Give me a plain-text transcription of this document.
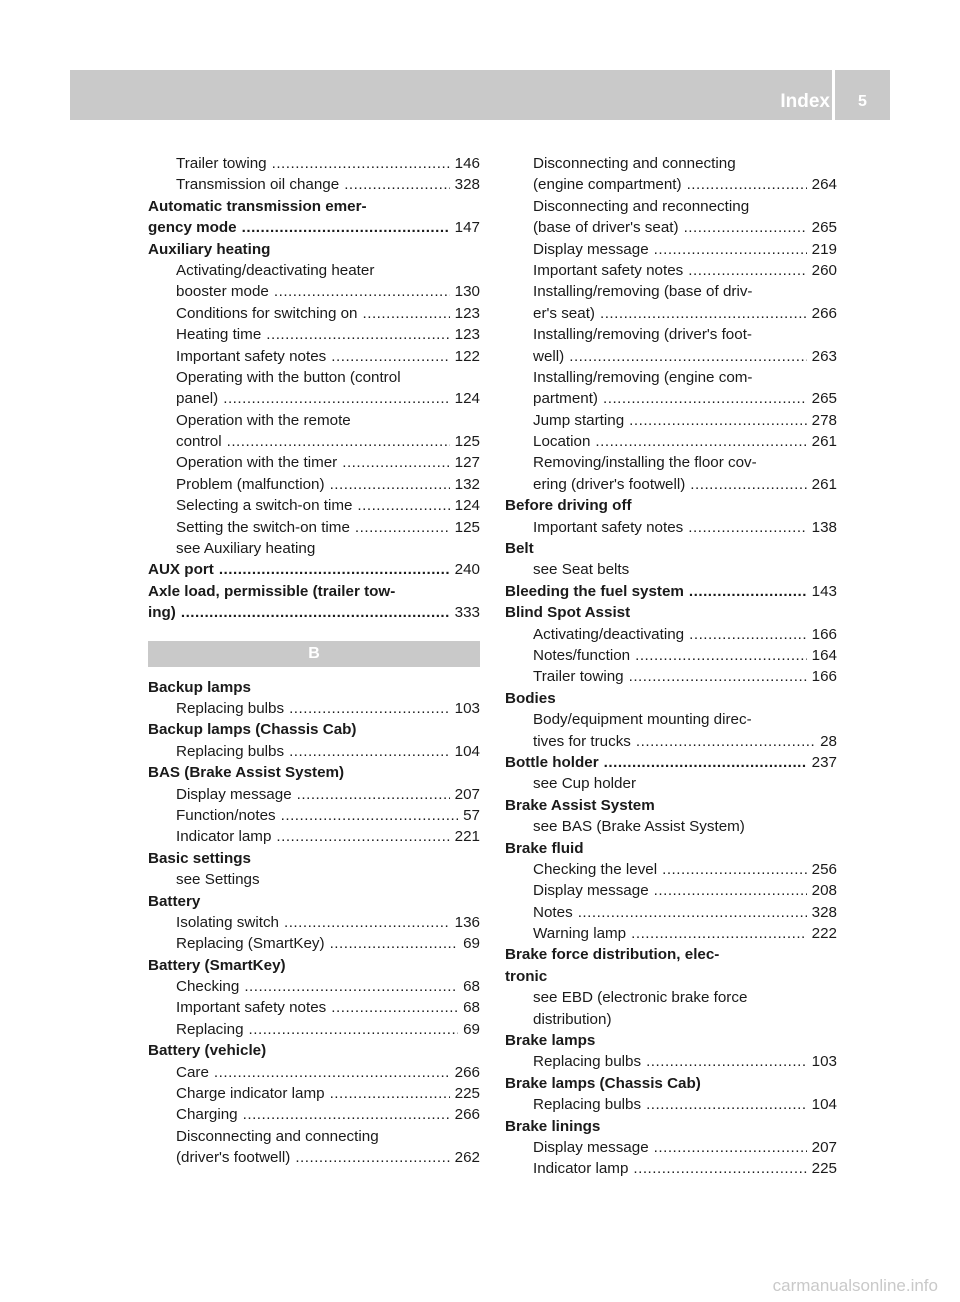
Index	5
Trailer towing .....	146
Transmission oil change .....	328
Automatic transmission emer-
gency mode .....	147
Auxiliary heating
Activating/deactivating heater
booster mode .....	130
Conditions for switching on .....	123
Heating time .....	123
Important safety notes .....	122
Operating with the button (control
panel) .....	124
Operation with the remote
control .....	125
Operation with the timer .....	127
Problem (malfunction) .....	132
Selecting a switch-on time .....	124
Setting the switch-on time .....	125
see Auxiliary heating
AUX port .....	240
Axle load, permissible (trailer tow-
ing) .....	333
B
Backup lamps
Replacing bulbs .....	103
Backup lamps (Chassis Cab)
Replacing bulbs .....	104
BAS (Brake Assist System)
Display message .....	207
Function/notes .....	57
Indicator lamp .....	221
Basic settings
see Settings
Battery
Isolating switch .....	136
Replacing (SmartKey) .....	69
Battery (SmartKey)
Checking .....	68
Important safety notes .....	68
Replacing .....	69
Battery (vehicle)
Care .....	266
Charge indicator lamp .....	225
Charging .....	266
Disconnecting and connecting
(driver's footwell) .....	262
Disconnecting and connecting
(engine compartment) .....	264
Disconnecting and reconnecting
(base of driver's seat) .....	265
Display message .....	219
Important safety notes .....	260
Installing/removing (base of driv-
er's seat) .....	266
Installing/removing (driver's foot-
well) .....	263
Installing/removing (engine com-
partment) .....	265
Jump starting .....	278
Location .....	261
Removing/installing the floor cov-
ering (driver's footwell) .....	261
Before driving off
Important safety notes .....	138
Belt
see Seat belts
Bleeding the fuel system .....	143
Blind Spot Assist
Activating/deactivating .....	166
Notes/function .....	164
Trailer towing .....	166
Bodies
Body/equipment mounting direc-
tives for trucks .....	28
Bottle holder .....	237
see Cup holder
Brake Assist System
see BAS (Brake Assist System)
Brake fluid
Checking the level .....	256
Display message .....	208
Notes .....	328
Warning lamp .....	222
Brake force distribution, elec-
tronic
see EBD (electronic brake force
distribution)
Brake lamps
Replacing bulbs .....	103
Brake lamps (Chassis Cab)
Replacing bulbs .....	104
Brake linings
Display message .....	207
Indicator lamp .....	225
carmanualsonline.info
